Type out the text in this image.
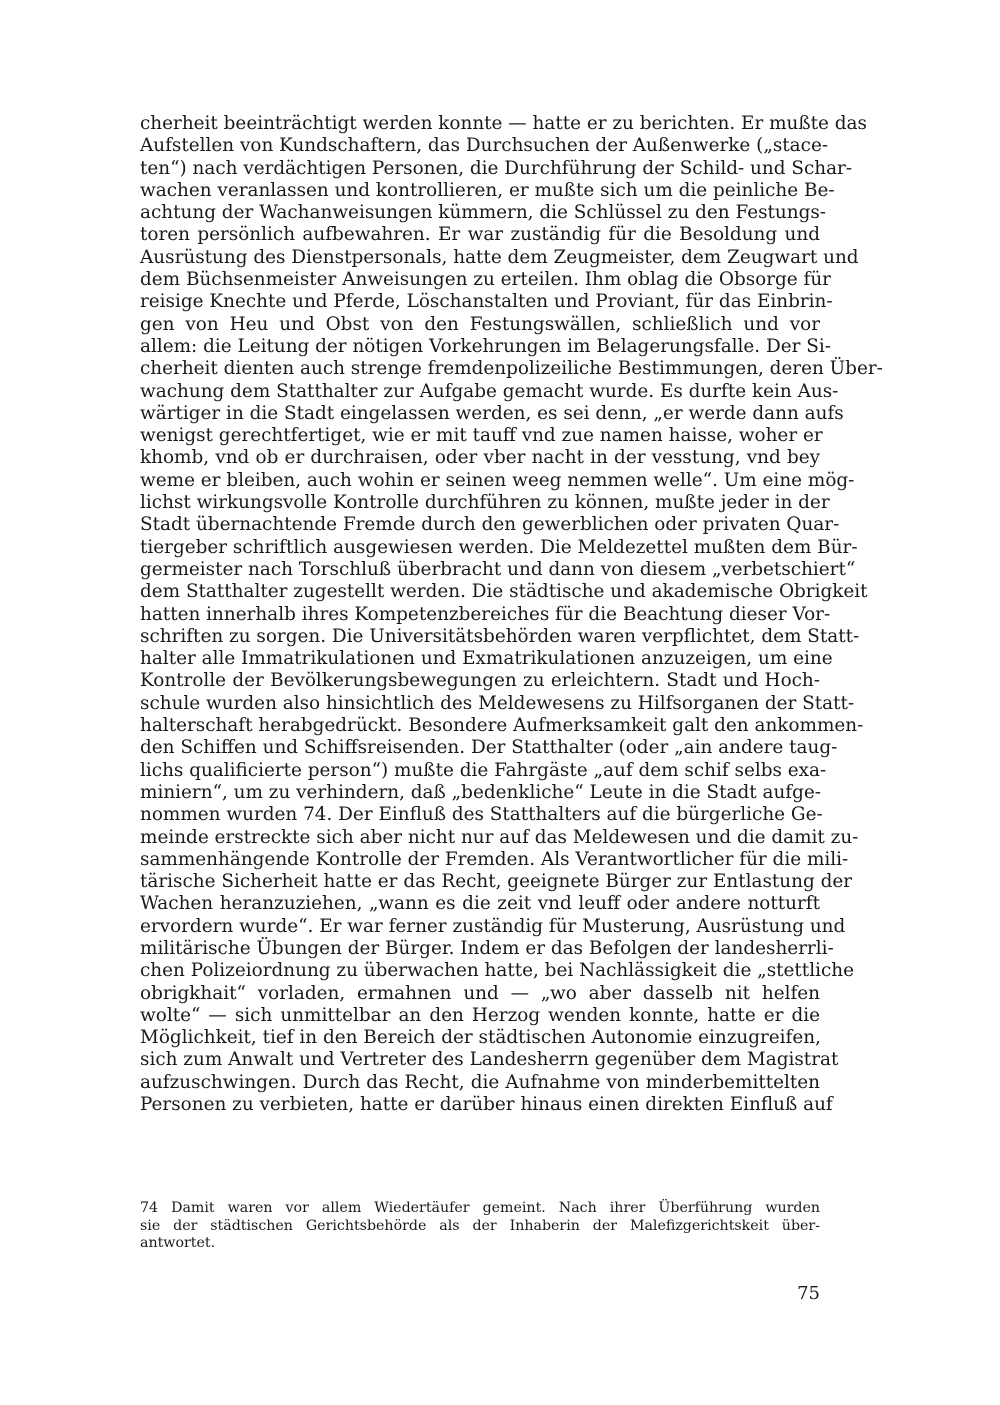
cherheit beeinträchtigt werden konnte — hatte er zu berichten. Er mußte das
Aufstellen von Kundschaftern, das Durchsuchen der Außenwerke („stace-
ten“) nach verdächtigen Personen, die Durchführung der Schild- und Schar-
wachen veranlassen und kontrollieren, er mußte sich um die peinliche Be-
achtung der Wachanweisungen kümmern, die Schlüssel zu den Festungs-
toren persönlich aufbewahren. Er war zuständig für die Besoldung und
Ausrüstung des Dienstpersonals, hatte dem Zeugmeister, dem Zeugwart und
dem Büchsenmeister Anweisungen zu erteilen. Ihm oblag die Obsorge für
reisige Knechte und Pferde, Löschanstalten und Proviant, für das Einbrin-
gen von Heu und Obst von den Festungswällen, schließlich und vor
allem: die Leitung der nötigen Vorkehrungen im Belagerungsfalle. Der Si-
cherheit dienten auch strenge fremdenpolizeiliche Bestimmungen, deren Über-
wachung dem Statthalter zur Aufgabe gemacht wurde. Es durfte kein Aus-
wärtiger in die Stadt eingelassen werden, es sei denn, „er werde dann aufs
wenigst gerechtfertiget, wie er mit tauff vnd zue namen haisse, woher er
khomb, vnd ob er durchraisen, oder vber nacht in der vesstung, vnd bey
weme er bleiben, auch wohin er seinen weeg nemmen welle“. Um eine mög-
lichst wirkungsvolle Kontrolle durchführen zu können, mußte jeder in der
Stadt übernachtende Fremde durch den gewerblichen oder privaten Quar-
tiergeber schriftlich ausgewiesen werden. Die Meldezettel mußten dem Bür-
germeister nach Torschluß überbracht und dann von diesem „verbetschiert“
dem Statthalter zugestellt werden. Die städtische und akademische Obrigkeit
hatten innerhalb ihres Kompetenzbereiches für die Beachtung dieser Vor-
schriften zu sorgen. Die Universitätsbehörden waren verpflichtet, dem Statt-
halter alle Immatrikulationen und Exmatrikulationen anzuzeigen, um eine
Kontrolle der Bevölkerungsbewegungen zu erleichtern. Stadt und Hoch-
schule wurden also hinsichtlich des Meldewesens zu Hilfsorganen der Statt-
halterschaft herabgedrückt. Besondere Aufmerksamkeit galt den ankommen-
den Schiffen und Schiffsreisenden. Der Statthalter (oder „ain andere taug-
lichs qualificierte person“) mußte die Fahrgäste „auf dem schif selbs exa-
miniern“, um zu verhindern, daß „bedenkliche“ Leute in die Stadt aufge-
nommen wurden 74. Der Einfluß des Statthalters auf die bürgerliche Ge-
meinde erstreckte sich aber nicht nur auf das Meldewesen und die damit zu-
sammenhängende Kontrolle der Fremden. Als Verantwortlicher für die mili-
tärische Sicherheit hatte er das Recht, geeignete Bürger zur Entlastung der
Wachen heranzuziehen, „wann es die zeit vnd leuff oder andere notturft
ervordern wurde“. Er war ferner zuständig für Musterung, Ausrüstung und
militärische Übungen der Bürger. Indem er das Befolgen der landesherrli-
chen Polizeiordnung zu überwachen hatte, bei Nachlässigkeit die „stettliche
obrigkhait“ vorladen, ermahnen und — „wo aber dasselb nit helfen
wolte“ — sich unmittelbar an den Herzog wenden konnte, hatte er die
Möglichkeit, tief in den Bereich der städtischen Autonomie einzugreifen,
sich zum Anwalt und Vertreter des Landesherrn gegenüber dem Magistrat
aufzuschwingen. Durch das Recht, die Aufnahme von minderbemittelten
Personen zu verbieten, hatte er darüber hinaus einen direkten Einfluß auf
74 Damit waren vor allem Wiedertäufer gemeint. Nach ihrer Überführung wurden
sie der städtischen Gerichtsbehörde als der Inhaberin der Malefizgerichtskeit über-
antwortet.
75
